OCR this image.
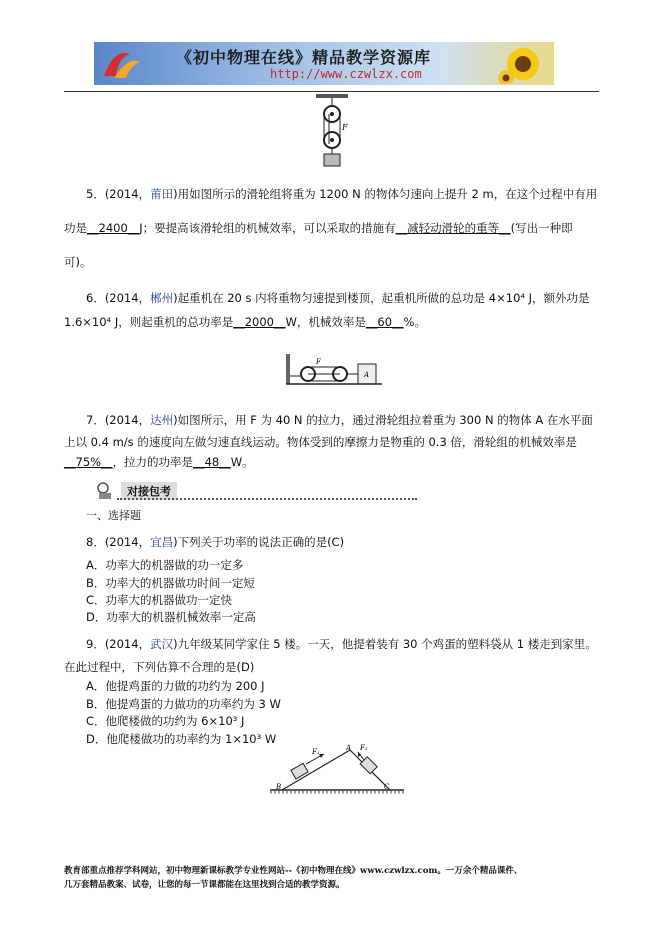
《初中物理在线》精品教学资源库
http://www.czwlzx.com
F
5．(2014，莆田)用如图所示的滑轮组将重为 1200 N 的物体匀速向上提升 2 m，在这个过程中有用
功是__2400__J；要提高该滑轮组的机械效率，可以采取的措施有__减轻动滑轮的重等__(写出一种即
可)。
6．(2014，郴州)起重机在 20 s 内将重物匀速提到楼顶，起重机所做的总功是 4×10⁴ J，额外功是
1.6×10⁴ J，则起重机的总功率是__2000__W，机械效率是__60__%。
F
A
7．(2014，达州)如图所示，用 F 为 40 N 的拉力，通过滑轮组拉着重为 300 N 的物体 A 在水平面
上以 0.4 m/s 的速度向左做匀速直线运动。物体受到的摩擦力是物重的 0.3 倍，滑轮组的机械效率是
__75%__，拉力的功率是__48__W。
对接包考
一、选择题
8．(2014，宜昌)下列关于功率的说法正确的是(C)
A．功率大的机器做的功一定多
B．功率大的机器做功时间一定短
C．功率大的机器做功一定快
D．功率大的机器机械效率一定高
9．(2014，武汉)九年级某同学家住 5 楼。一天，他提着装有 30 个鸡蛋的塑料袋从 1 楼走到家里。
在此过程中，下列估算不合理的是(D)
A．他提鸡蛋的力做的功约为 200 J
B．他提鸡蛋的力做功的功率约为 3 W
C．他爬楼做的功约为 6×10³ J
D．他爬楼做功的功率约为 1×10³ W
F₁	F₂
A
B	C
教育部重点推荐学科网站，初中物理新课标教学专业性网站--《初中物理在线》www.czwlzx.com。一万余个精品课件、
几万套精品教案、试卷，让您的每一节课都能在这里找到合适的教学资源。
